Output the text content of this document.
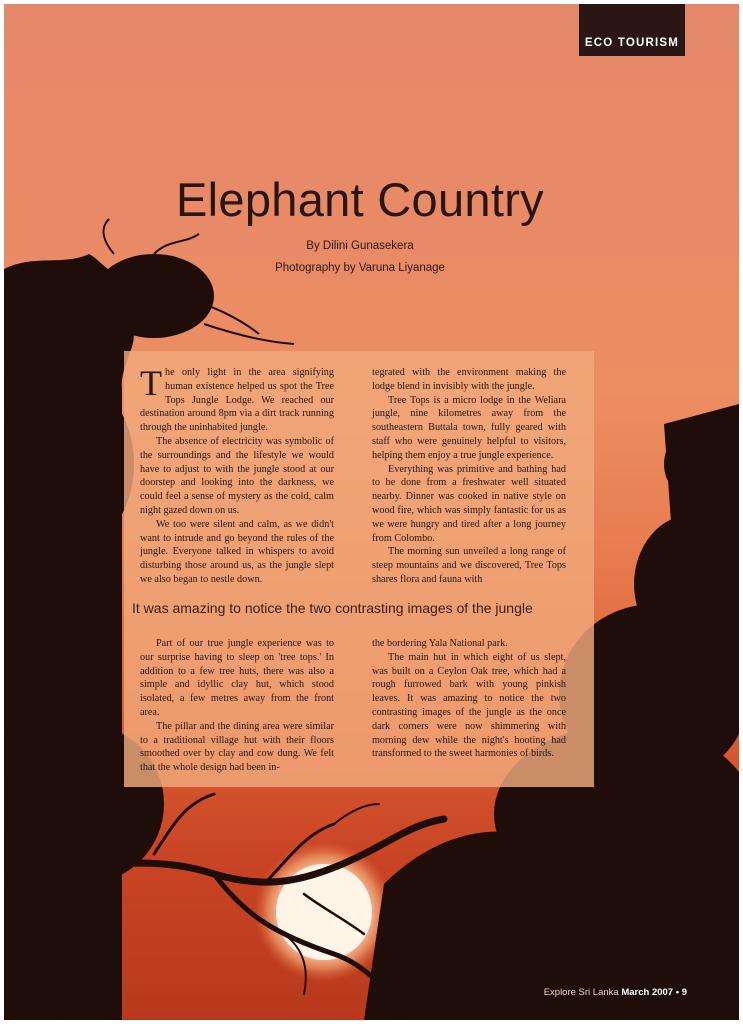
ECO TOURISM
Elephant Country
By Dilini Gunasekera
Photography by Varuna Liyanage

The only light in the area signifying human existence helped us spot the Tree Tops Jungle Lodge. We reached our destination around 8pm via a dirt track running through the uninhabited jungle.

The absence of electricity was symbolic of the surroundings and the lifestyle we would have to adjust to with the jungle stood at our doorstep and looking into the darkness, we could feel a sense of mystery as the cold, calm night gazed down on us.

We too were silent and calm, as we didn't want to intrude and go beyond the rules of the jungle. Everyone talked in whispers to avoid disturbing those around us, as the jungle slept we also began to nestle down.

tegrated with the environment making the lodge blend in invisibly with the jungle.

Tree Tops is a micro lodge in the Weliara jungle, nine kilometres away from the southeastern Buttala town, fully geared with staff who were genuinely helpful to visitors, helping them enjoy a true jungle experience.

Everything was primitive and bathing had to be done from a freshwater well situated nearby. Dinner was cooked in native style on wood fire, which was simply fantastic for us as we were hungry and tired after a long journey from Colombo.

The morning sun unveiled a long range of steep mountains and we discovered, Tree Tops shares flora and fauna with

Part of our true jungle experience was to our surprise having to sleep on 'tree tops.' In addition to a few tree huts, there was also a simple and idyllic clay hut, which stood isolated, a few metres away from the front area.

The pillar and the dining area were similar to a traditional village hut with their floors smoothed over by clay and cow dung. We felt that the whole design had been in-

the bordering Yala National park.

The main hut in which eight of us slept, was built on a Ceylon Oak tree, which had a rough furrowed bark with young pinkish leaves. It was amazing to notice the two contrasting images of the jungle as the once dark corners were now shimmering with morning dew while the night's hooting had transformed to the sweet harmonies of birds.

It was amazing to notice the two contrasting images of the jungle
Explore Sri Lanka March 2007 • 9
